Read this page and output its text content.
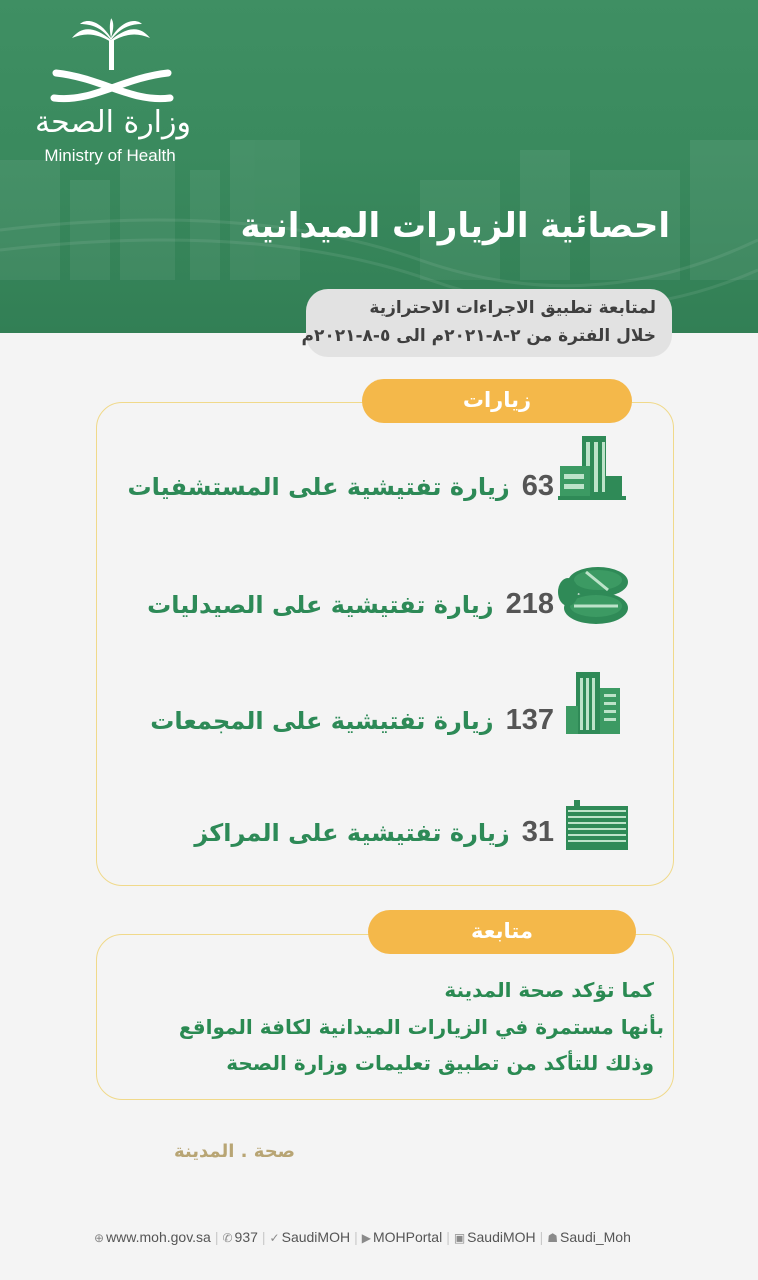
وزارة الصحة
Ministry of Health
احصائية الزيارات الميدانية
لمتابعة تطبيق الاجراءات الاحترازية
خلال الفترة من ٢-٨-٢٠٢١م الى ٥-٨-٢٠٢١م
زيارات
63زيارة تفتيشية على المستشفيات
218زيارة تفتيشية على الصيدليات
137زيارة تفتيشية على المجمعات
31زيارة تفتيشية على المراكز
متابعة
كما تؤكد صحة المدينة
بأنها مستمرة في الزيارات الميدانية لكافة المواقع
وذلك للتأكد من تطبيق تعليمات وزارة الصحة
صحة . المدينة
⊕ www.moh.gov.sa | ✆ 937 | ✓ SaudiMOH | ▶ MOHPortal | ▣ SaudiMOH | ☗ Saudi_Moh
